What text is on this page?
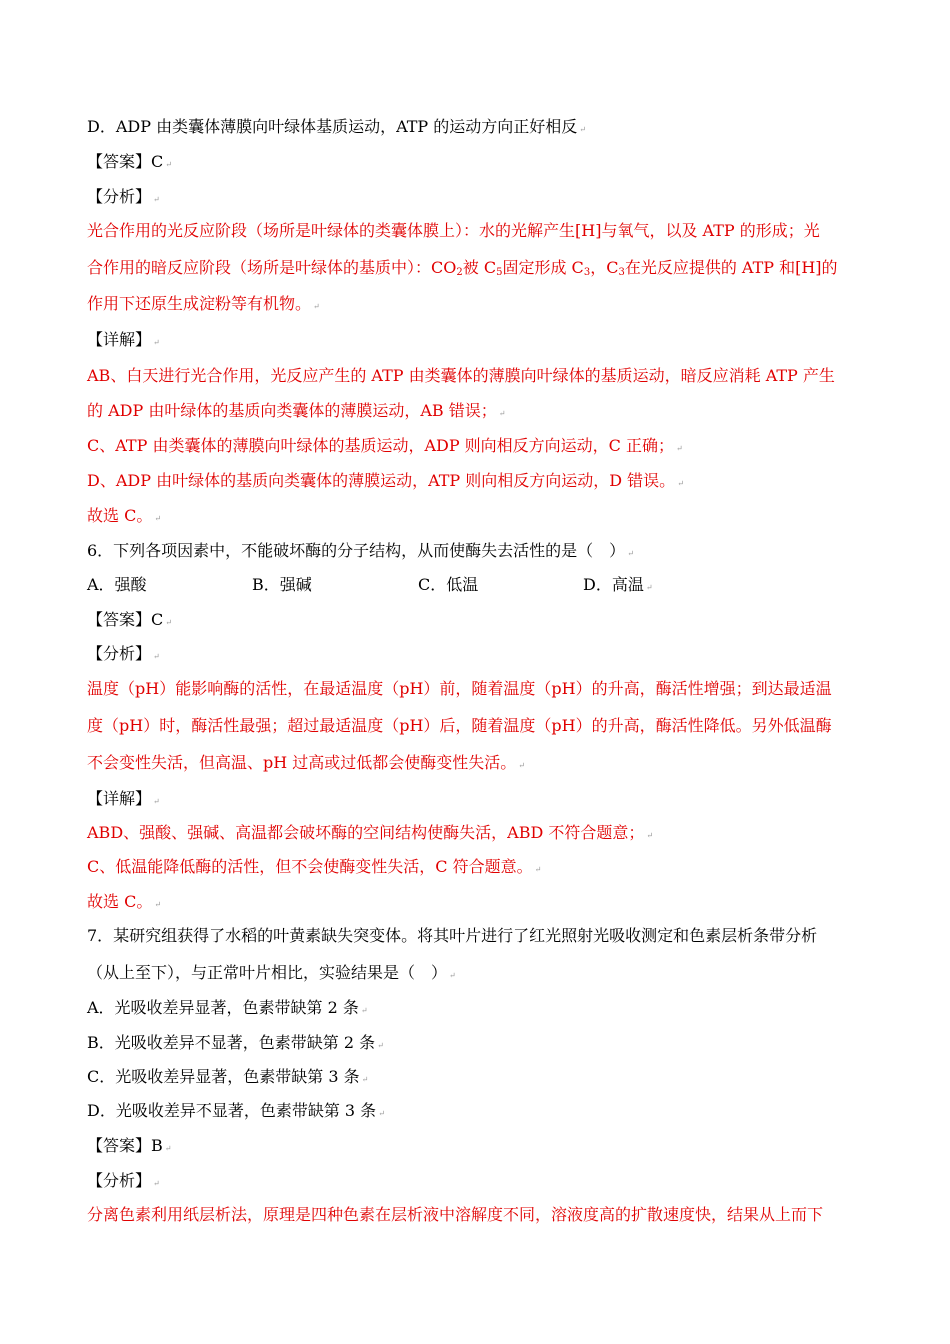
D．ADP 由类囊体薄膜向叶绿体基质运动，ATP 的运动方向正好相反 ↵
【答案】C ↵
【分析】 ↵
光合作用的光反应阶段（场所是叶绿体的类囊体膜上）：水的光解产生[H]与氧气，以及 ATP 的形成；光
合作用的暗反应阶段（场所是叶绿体的基质中）：$CO_2$被 $C_5$固定形成 $C_3$，$C_3$在光反应提供的 ATP 和[H]的
作用下还原生成淀粉等有机物。 ↵
【详解】 ↵
AB、白天进行光合作用，光反应产生的 ATP 由类囊体的薄膜向叶绿体的基质运动，暗反应消耗 ATP 产生
的 ADP 由叶绿体的基质向类囊体的薄膜运动，AB 错误； ↵
C、ATP 由类囊体的薄膜向叶绿体的基质运动，ADP 则向相反方向运动，C 正确； ↵
D、ADP 由叶绿体的基质向类囊体的薄膜运动，ATP 则向相反方向运动，D 错误。 ↵
故选 C。 ↵
6．下列各项因素中，不能破坏酶的分子结构，从而使酶失去活性的是（　） ↵
A．强酸	B．强碱	C．低温	D．高温 ↵
【答案】C ↵
【分析】 ↵
温度（pH）能影响酶的活性，在最适温度（pH）前，随着温度（pH）的升高，酶活性增强；到达最适温
度（pH）时，酶活性最强；超过最适温度（pH）后，随着温度（pH）的升高，酶活性降低。另外低温酶
不会变性失活，但高温、pH 过高或过低都会使酶变性失活。 ↵
【详解】 ↵
ABD、强酸、强碱、高温都会破坏酶的空间结构使酶失活，ABD 不符合题意； ↵
C、低温能降低酶的活性，但不会使酶变性失活，C 符合题意。 ↵
故选 C。 ↵
7．某研究组获得了水稻的叶黄素缺失突变体。将其叶片进行了红光照射光吸收测定和色素层析条带分析
（从上至下），与正常叶片相比，实验结果是（　） ↵
A．光吸收差异显著，色素带缺第 2 条 ↵
B．光吸收差异不显著，色素带缺第 2 条 ↵
C．光吸收差异显著，色素带缺第 3 条 ↵
D．光吸收差异不显著，色素带缺第 3 条 ↵
【答案】B ↵
【分析】 ↵
分离色素利用纸层析法，原理是四种色素在层析液中溶解度不同，溶液度高的扩散速度快，结果从上而下
